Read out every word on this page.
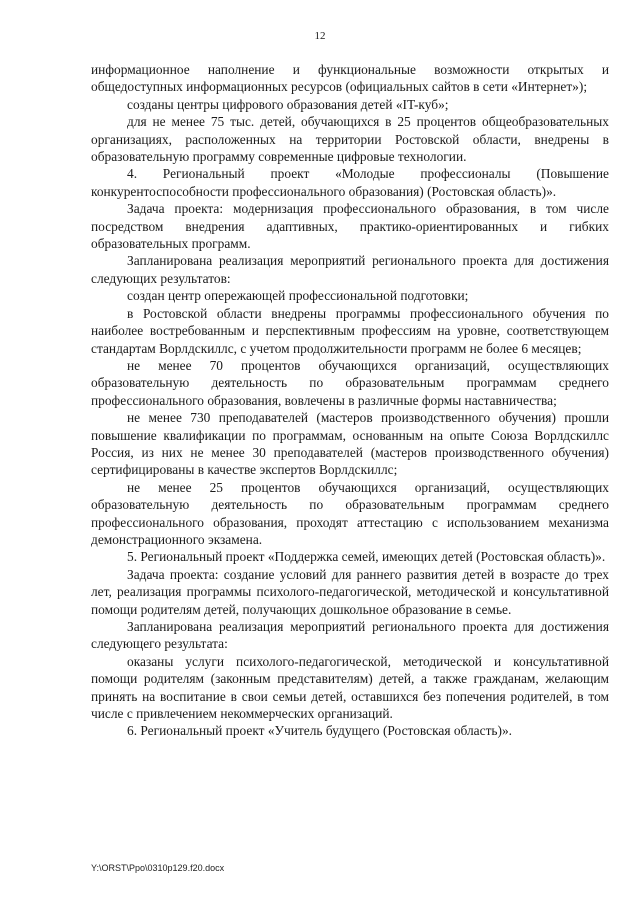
12

информационное наполнение и функциональные возможности открытых и общедоступных информационных ресурсов (официальных сайтов в сети «Интернет»);

созданы центры цифрового образования детей «IT-куб»;

для не менее 75 тыс. детей, обучающихся в 25 процентов общеобразовательных организациях, расположенных на территории Ростовской области, внедрены в образовательную программу современные цифровые технологии.

4. Региональный проект «Молодые профессионалы (Повышение конкурентоспособности профессионального образования) (Ростовская область)».

Задача проекта: модернизация профессионального образования, в том числе посредством внедрения адаптивных, практико-ориентированных и гибких образовательных программ.

Запланирована реализация мероприятий регионального проекта для достижения следующих результатов:

создан центр опережающей профессиональной подготовки;

в Ростовской области внедрены программы профессионального обучения по наиболее востребованным и перспективным профессиям на уровне, соответствующем стандартам Ворлдскиллс, с учетом продолжительности программ не более 6 месяцев;

не менее 70 процентов обучающихся организаций, осуществляющих образовательную деятельность по образовательным программам среднего профессионального образования, вовлечены в различные формы наставничества;

не менее 730 преподавателей (мастеров производственного обучения) прошли повышение квалификации по программам, основанным на опыте Союза Ворлдскиллс Россия, из них не менее 30 преподавателей (мастеров производственного обучения) сертифицированы в качестве экспертов Ворлдскиллс;

не менее 25 процентов обучающихся организаций, осуществляющих образовательную деятельность по образовательным программам среднего профессионального образования, проходят аттестацию с использованием механизма демонстрационного экзамена.

5. Региональный проект «Поддержка семей, имеющих детей (Ростовская область)».

Задача проекта: создание условий для раннего развития детей в возрасте до трех лет, реализация программы психолого-педагогической, методической и консультативной помощи родителям детей, получающих дошкольное образование в семье.

Запланирована реализация мероприятий регионального проекта для достижения следующего результата:

оказаны услуги психолого-педагогической, методической и консультативной помощи родителям (законным представителям) детей, а также гражданам, желающим принять на воспитание в свои семьи детей, оставшихся без попечения родителей, в том числе с привлечением некоммерческих организаций.

6. Региональный проект «Учитель будущего (Ростовская область)».

Y:\ORST\Ppo\0310p129.f20.docx
